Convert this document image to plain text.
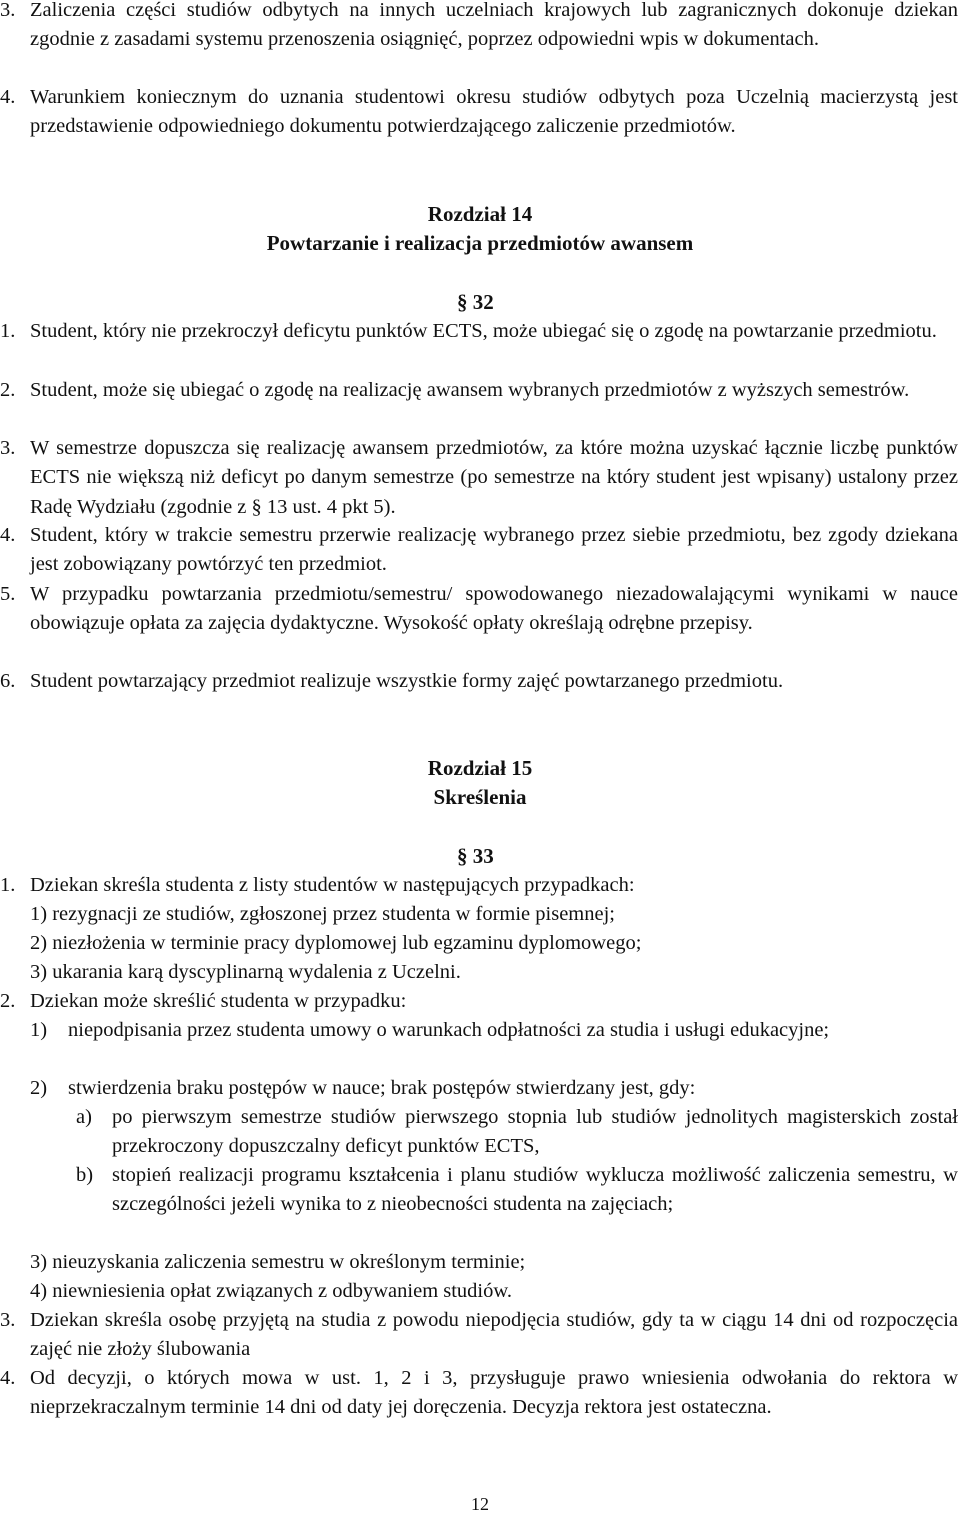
3. Zaliczenia części studiów odbytych na innych uczelniach krajowych lub zagranicznych dokonuje dziekan zgodnie z zasadami systemu przenoszenia osiągnięć, poprzez odpowiedni wpis w dokumentach.
4. Warunkiem koniecznym do uznania studentowi okresu studiów odbytych poza Uczelnią macierzystą jest przedstawienie odpowiedniego dokumentu potwierdzającego zaliczenie przedmiotów.
Rozdział 14
Powtarzanie i realizacja przedmiotów awansem
§ 32
1. Student, który nie przekroczył deficytu punktów ECTS, może ubiegać się o zgodę na powtarzanie przedmiotu.
2. Student, może się ubiegać o zgodę na realizację awansem wybranych przedmiotów z wyższych semestrów.
3. W semestrze dopuszcza się realizację awansem przedmiotów, za które można uzyskać łącznie liczbę punktów ECTS nie większą niż deficyt po danym semestrze (po semestrze na który student jest wpisany) ustalony przez Radę Wydziału (zgodnie z § 13 ust. 4 pkt 5).
4. Student, który w trakcie semestru przerwie realizację wybranego przez siebie przedmiotu, bez zgody dziekana jest zobowiązany powtórzyć ten przedmiot.
5. W przypadku powtarzania przedmiotu/semestru/ spowodowanego niezadowalającymi wynikami w nauce obowiązuje opłata za zajęcia dydaktyczne. Wysokość opłaty określają odrębne przepisy.
6. Student powtarzający przedmiot realizuje wszystkie formy zajęć powtarzanego przedmiotu.
Rozdział 15
Skreślenia
§ 33
1. Dziekan skreśla studenta z listy studentów w następujących przypadkach:
1) rezygnacji ze studiów, zgłoszonej przez studenta w formie pisemnej;
2) niezłożenia w terminie pracy dyplomowej lub egzaminu dyplomowego;
3) ukarania karą dyscyplinarną wydalenia z Uczelni.
2. Dziekan może skreślić studenta w przypadku:
1) niepodpisania przez studenta umowy o warunkach odpłatności za studia i usługi edukacyjne;
2) stwierdzenia braku postępów w nauce; brak postępów stwierdzany jest, gdy:
a) po pierwszym semestrze studiów pierwszego stopnia lub studiów jednolitych magisterskich został przekroczony dopuszczalny deficyt punktów ECTS,
b) stopień realizacji programu kształcenia i planu studiów wyklucza możliwość zaliczenia semestru, w szczególności jeżeli wynika to z nieobecności studenta na zajęciach;
3) nieuzyskania zaliczenia semestru w określonym terminie;
4) niewniesienia opłat związanych z odbywaniem studiów.
3. Dziekan skreśla osobę przyjętą na studia z powodu niepodjęcia studiów, gdy ta w ciągu 14 dni od rozpoczęcia zajęć nie złoży ślubowania
4. Od decyzji, o których mowa w ust. 1, 2 i 3, przysługuje prawo wniesienia odwołania do rektora w nieprzekraczalnym terminie 14 dni od daty jej doręczenia. Decyzja rektora jest ostateczna.
12
